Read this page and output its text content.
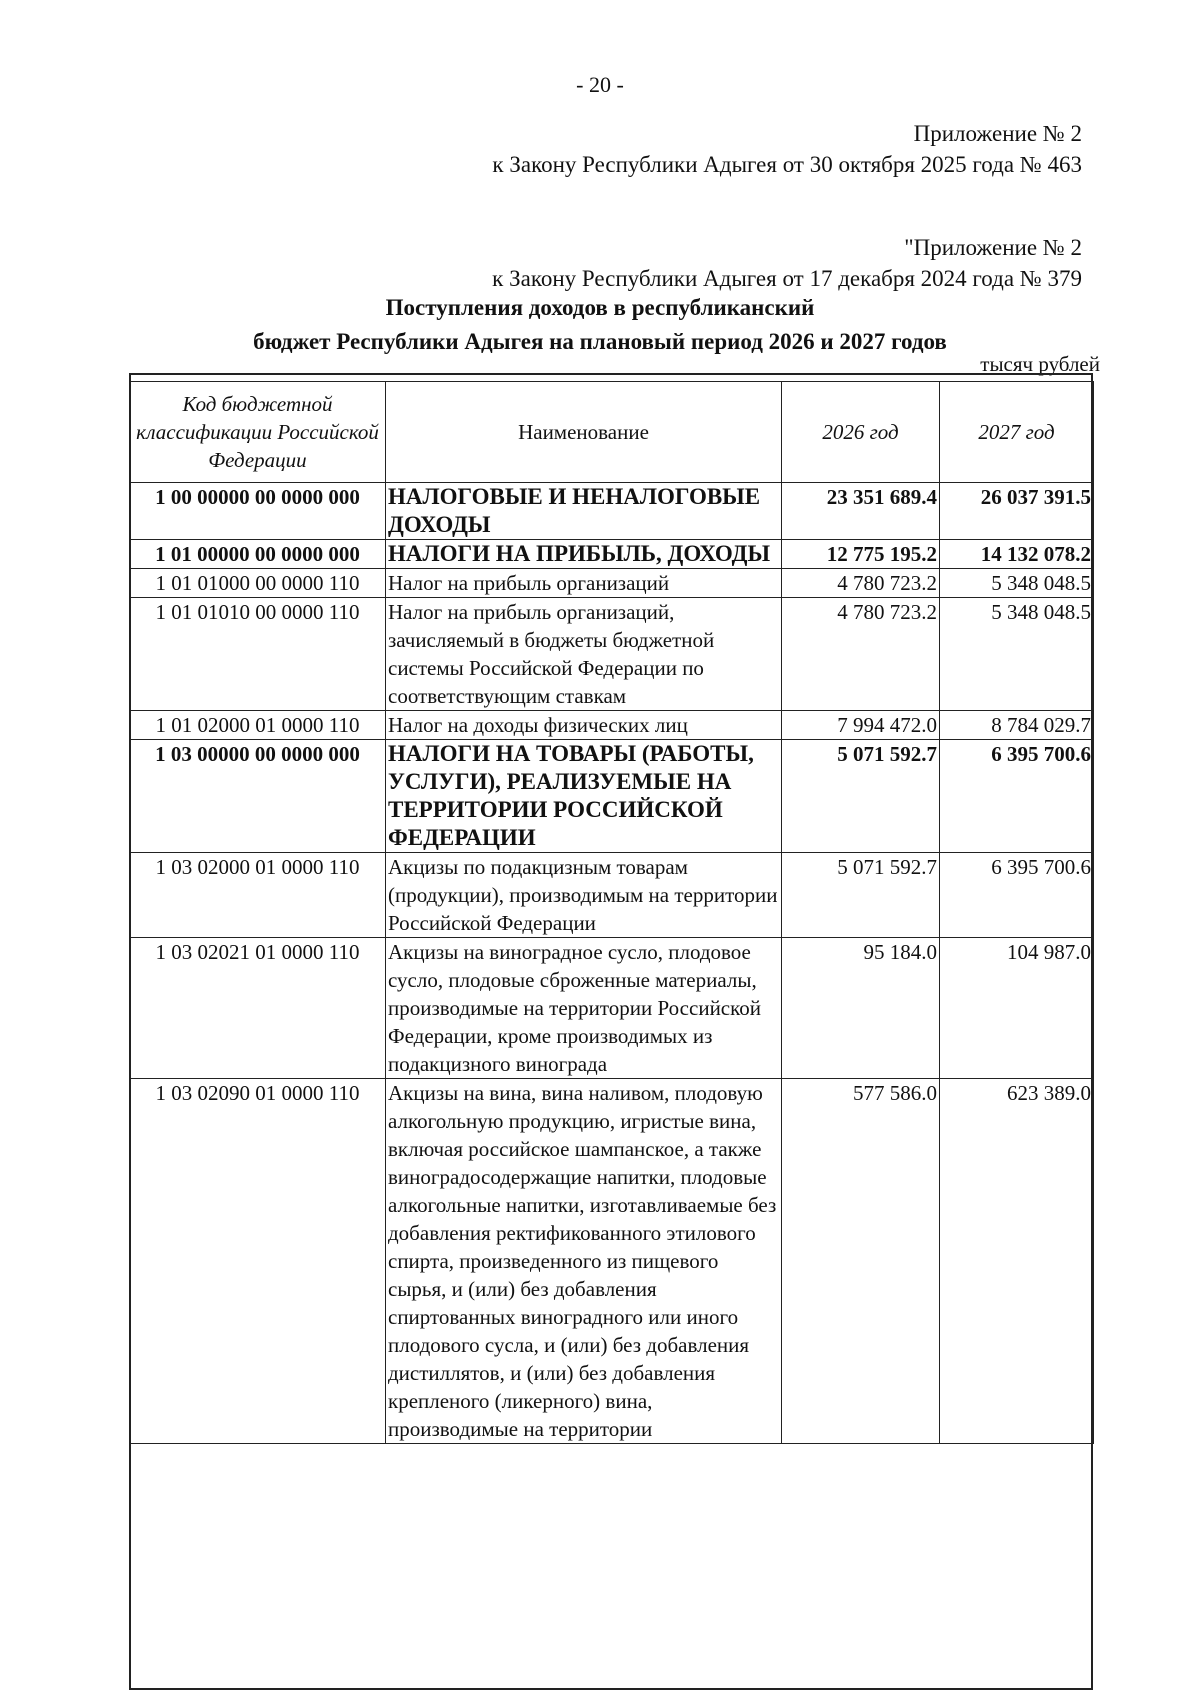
- 20 -
Приложение № 2
к Закону Республики Адыгея от 30 октября 2025 года № 463
"Приложение № 2
к Закону Республики Адыгея от 17 декабря 2024 года № 379
Поступления доходов в республиканский
бюджет Республики Адыгея на плановый период 2026 и 2027 годов
тысяч рублей
Код бюджетной классификации Российской Федерации	Наименование	2026 год	2027 год
1 00 00000 00 0000 000	НАЛОГОВЫЕ И НЕНАЛОГОВЫЕ ДОХОДЫ	23 351 689.4	26 037 391.5
1 01 00000 00 0000 000	НАЛОГИ НА ПРИБЫЛЬ, ДОХОДЫ	12 775 195.2	14 132 078.2
1 01 01000 00 0000 110	Налог на прибыль организаций	4 780 723.2	5 348 048.5
1 01 01010 00 0000 110	Налог на прибыль организаций, зачисляемый в бюджеты бюджетной системы Российской Федерации по соответствующим ставкам	4 780 723.2	5 348 048.5
1 01 02000 01 0000 110	Налог на доходы физических лиц	7 994 472.0	8 784 029.7
1 03 00000 00 0000 000	НАЛОГИ НА ТОВАРЫ (РАБОТЫ, УСЛУГИ), РЕАЛИЗУЕМЫЕ НА ТЕРРИТОРИИ РОССИЙСКОЙ ФЕДЕРАЦИИ	5 071 592.7	6 395 700.6
1 03 02000 01 0000 110	Акцизы по подакцизным товарам (продукции), производимым на территории Российской Федерации	5 071 592.7	6 395 700.6
1 03 02021 01 0000 110	Акцизы на виноградное сусло, плодовое сусло, плодовые сброженные материалы, производимые на территории Российской Федерации, кроме производимых из подакцизного винограда	95 184.0	104 987.0
1 03 02090 01 0000 110	Акцизы на вина, вина наливом, плодовую алкогольную продукцию, игристые вина, включая российское шампанское, а также виноградосодержащие напитки, плодовые алкогольные напитки, изготавливаемые без добавления ректификованного этилового спирта, произведенного из пищевого сырья, и (или) без добавления спиртованных виноградного или иного плодового сусла, и (или) без добавления дистиллятов, и (или) без добавления крепленого (ликерного) вина, производимые на территории	577 586.0	623 389.0
